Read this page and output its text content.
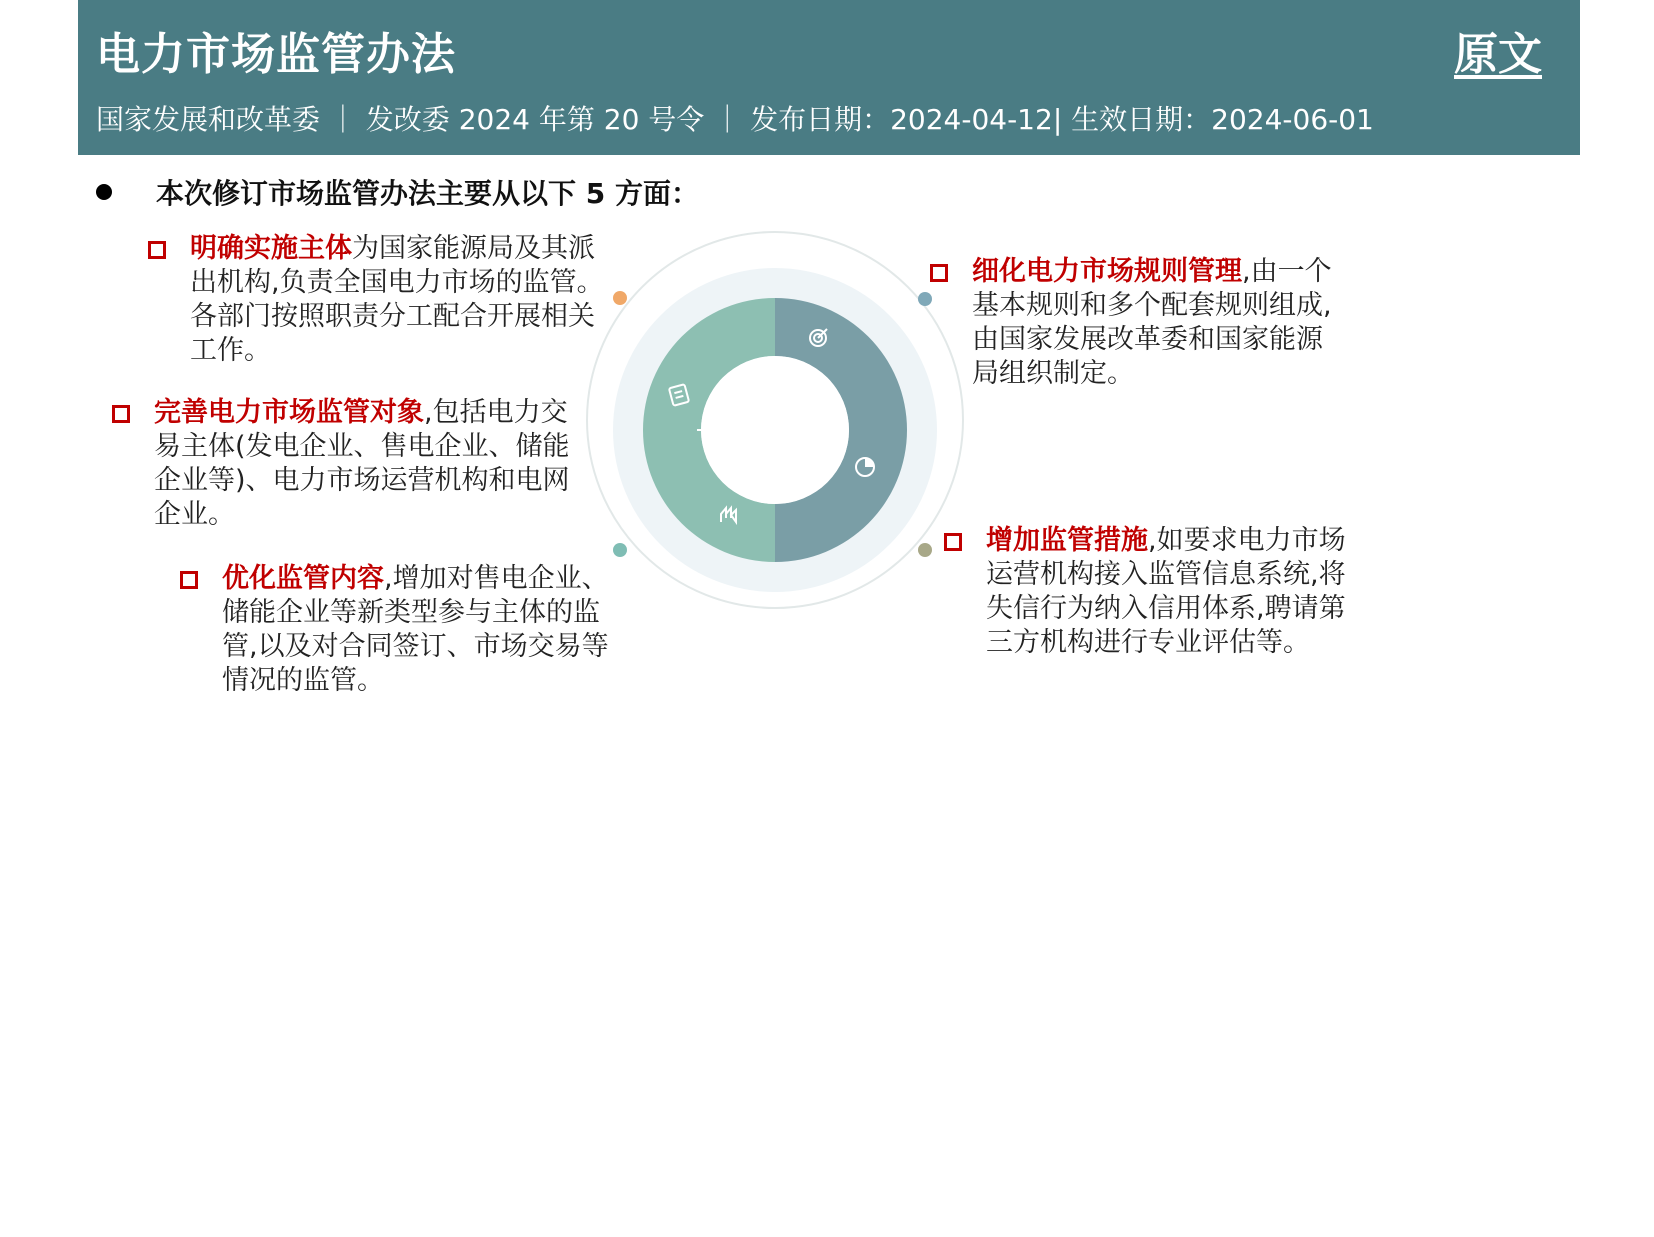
电力市场监管办法	原文
国家发展和改革委 ｜ 发改委 2024 年第 20 号令 ｜ 发布日期：2024-04-12| 生效日期：2024-06-01
本次修订市场监管办法主要从以下 5 方面：
明确实施主体为国家能源局及其派出机构,负责全国电力市场的监管。各部门按照职责分工配合开展相关工作。
完善电力市场监管对象,包括电力交易主体(发电企业、售电企业、储能企业等)、电力市场运营机构和电网企业。
优化监管内容,增加对售电企业、储能企业等新类型参与主体的监管,以及对合同签订、市场交易等情况的监管。
细化电力市场规则管理,由一个基本规则和多个配套规则组成,由国家发展改革委和国家能源局组织制定。
增加监管措施,如要求电力市场运营机构接入监管信息系统,将失信行为纳入信用体系,聘请第三方机构进行专业评估等。
